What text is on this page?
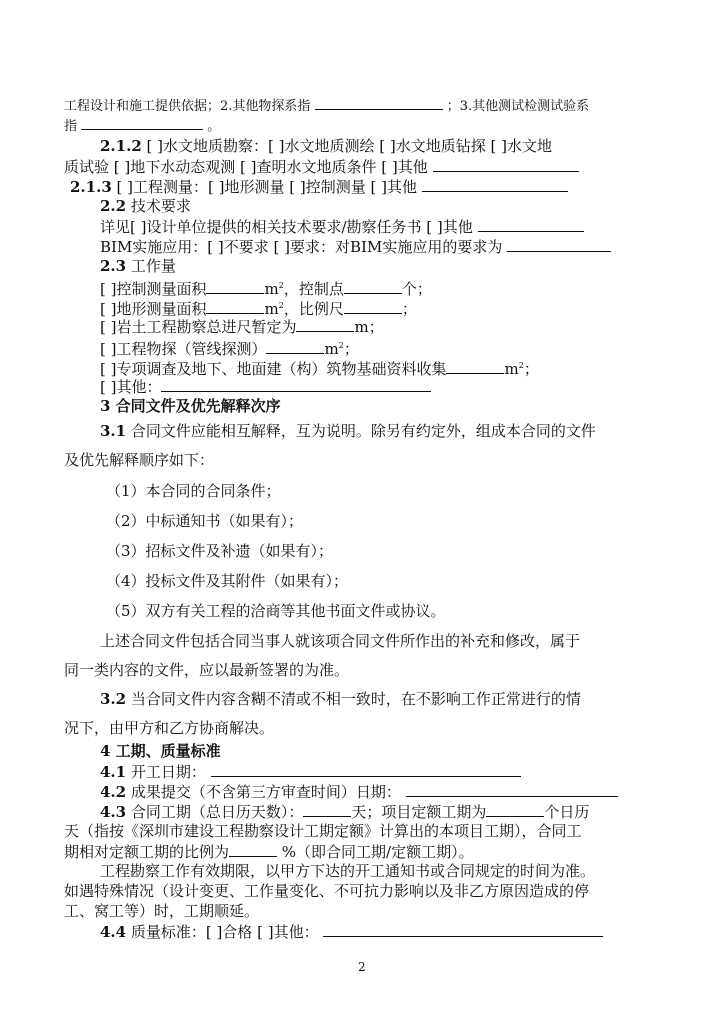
工程设计和施工提供依据；2.其他物探系指	；3.其他测试检测试验系
指	。
2.1.2 [ ]水文地质勘察：[ ]水文地质测绘 [ ]水文地质钻探 [ ]水文地
质试验 [ ]地下水动态观测 [ ]查明水文地质条件 [ ]其他
2.1.3 [ ]工程测量：[ ]地形测量 [ ]控制测量 [ ]其他
2.2 技术要求
详见[ ]设计单位提供的相关技术要求/勘察任务书 [ ]其他
BIM实施应用：[ ]不要求 [ ]要求：对BIM实施应用的要求为
2.3 工作量
[ ]控制测量面积	$m^2$，控制点	个；
[ ]地形测量面积	$m^2$，比例尺	；
[ ]岩土工程勘察总进尺暂定为	m；
[ ]工程物探（管线探测）	$m^2$；
[ ]专项调查及地下、地面建（构）筑物基础资料收集	$m^2$；
[ ]其他：
3 合同文件及优先解释次序
3.1 合同文件应能相互解释，互为说明。除另有约定外，组成本合同的文件
及优先解释顺序如下：
（1）本合同的合同条件；
（2）中标通知书（如果有）；
（3）招标文件及补遗（如果有）；
（4）投标文件及其附件（如果有）；
（5）双方有关工程的洽商等其他书面文件或协议。
上述合同文件包括合同当事人就该项合同文件所作出的补充和修改，属于
同一类内容的文件，应以最新签署的为准。
3.2 当合同文件内容含糊不清或不相一致时，在不影响工作正常进行的情
况下，由甲方和乙方协商解决。
4 工期、质量标准
4.1 开工日期：
4.2 成果提交（不含第三方审查时间）日期：
4.3 合同工期（总日历天数）：	天；项目定额工期为	个日历
天（指按《深圳市建设工程勘察设计工期定额》计算出的本项目工期），合同工
期相对定额工期的比例为	%（即合同工期/定额工期）。
工程勘察工作有效期限，以甲方下达的开工通知书或合同规定的时间为准。
如遇特殊情况（设计变更、工作量变化、不可抗力影响以及非乙方原因造成的停
工、窝工等）时，工期顺延。
4.4 质量标准：[ ]合格 [ ]其他：
2
